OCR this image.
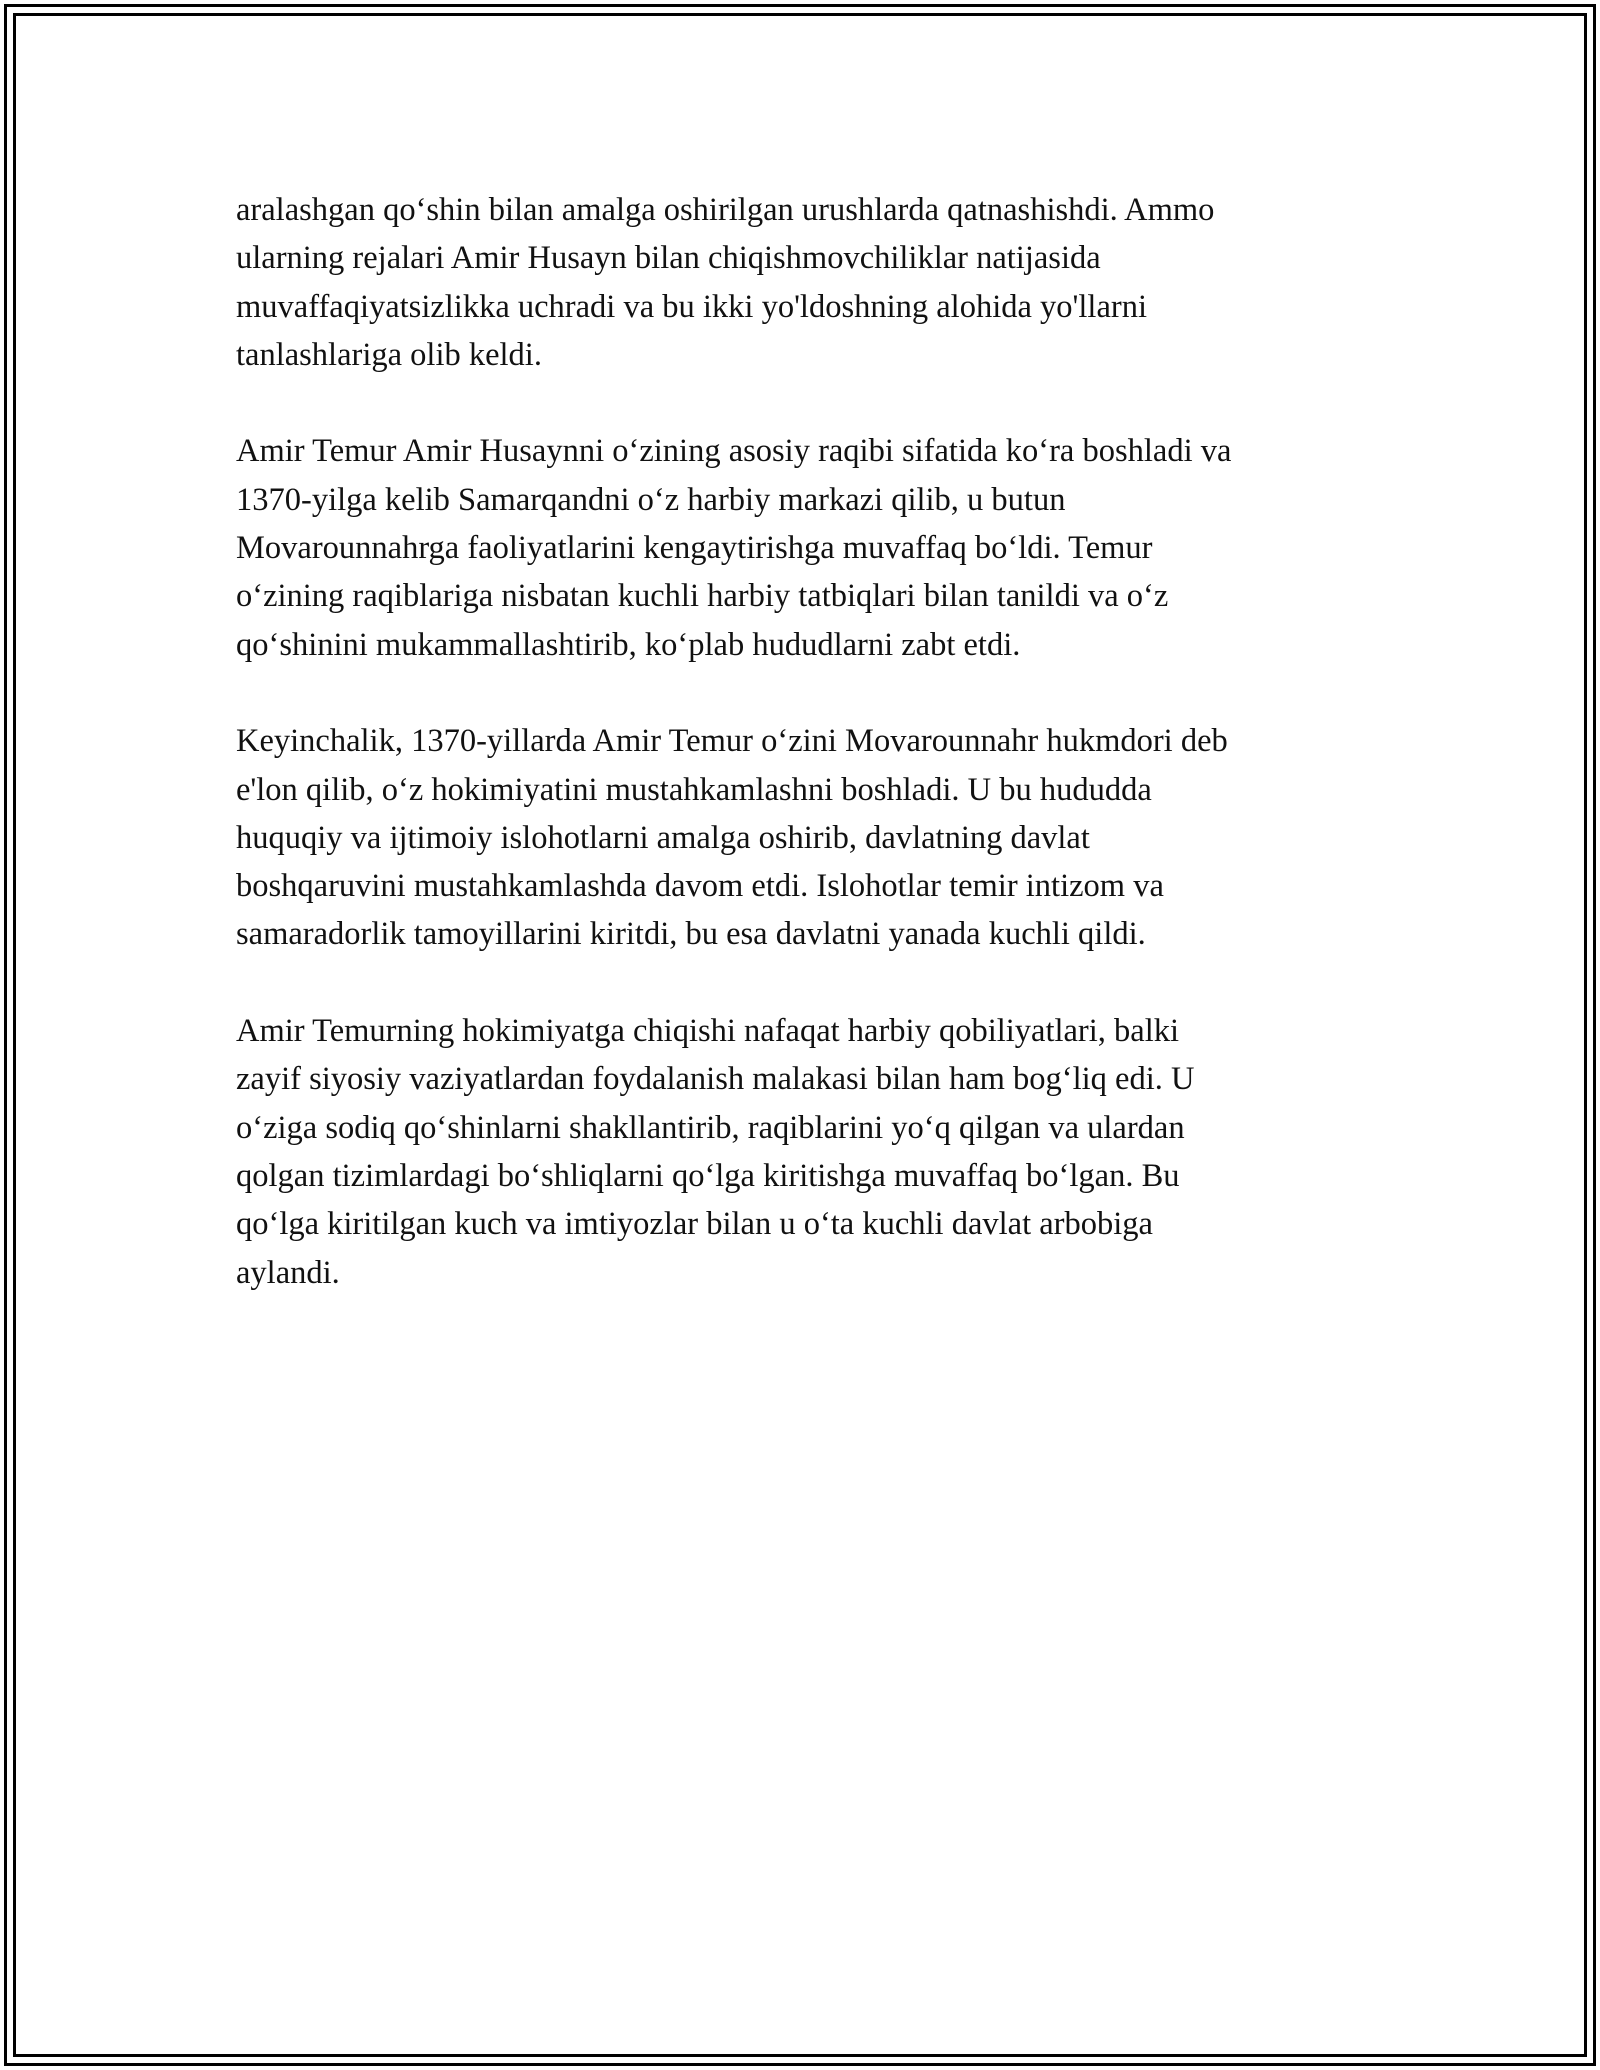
aralashgan qoʻshin bilan amalga oshirilgan urushlarda qatnashishdi. Ammo
ularning rejalari Amir Husayn bilan chiqishmovchiliklar natijasida
muvaffaqiyatsizlikka uchradi va bu ikki yo'ldoshning alohida yo'llarni
tanlashlariga olib keldi.

Amir Temur Amir Husaynni oʻzining asosiy raqibi sifatida koʻra boshladi va
1370-yilga kelib Samarqandni oʻz harbiy markazi qilib, u butun
Movarounnahrga faoliyatlarini kengaytirishga muvaffaq boʻldi. Temur
oʻzining raqiblariga nisbatan kuchli harbiy tatbiqlari bilan tanildi va oʻz
qoʻshinini mukammallashtirib, koʻplab hududlarni zabt etdi.

Keyinchalik, 1370-yillarda Amir Temur oʻzini Movarounnahr hukmdori deb
e'lon qilib, oʻz hokimiyatini mustahkamlashni boshladi. U bu hududda
huquqiy va ijtimoiy islohotlarni amalga oshirib, davlatning davlat
boshqaruvini mustahkamlashda davom etdi. Islohotlar temir intizom va
samaradorlik tamoyillarini kiritdi, bu esa davlatni yanada kuchli qildi.

Amir Temurning hokimiyatga chiqishi nafaqat harbiy qobiliyatlari, balki
zayif siyosiy vaziyatlardan foydalanish malakasi bilan ham bogʻliq edi. U
oʻziga sodiq qoʻshinlarni shakllantirib, raqiblarini yoʻq qilgan va ulardan
qolgan tizimlardagi boʻshliqlarni qoʻlga kiritishga muvaffaq boʻlgan. Bu
qoʻlga kiritilgan kuch va imtiyozlar bilan u oʻta kuchli davlat arbobiga
aylandi.
